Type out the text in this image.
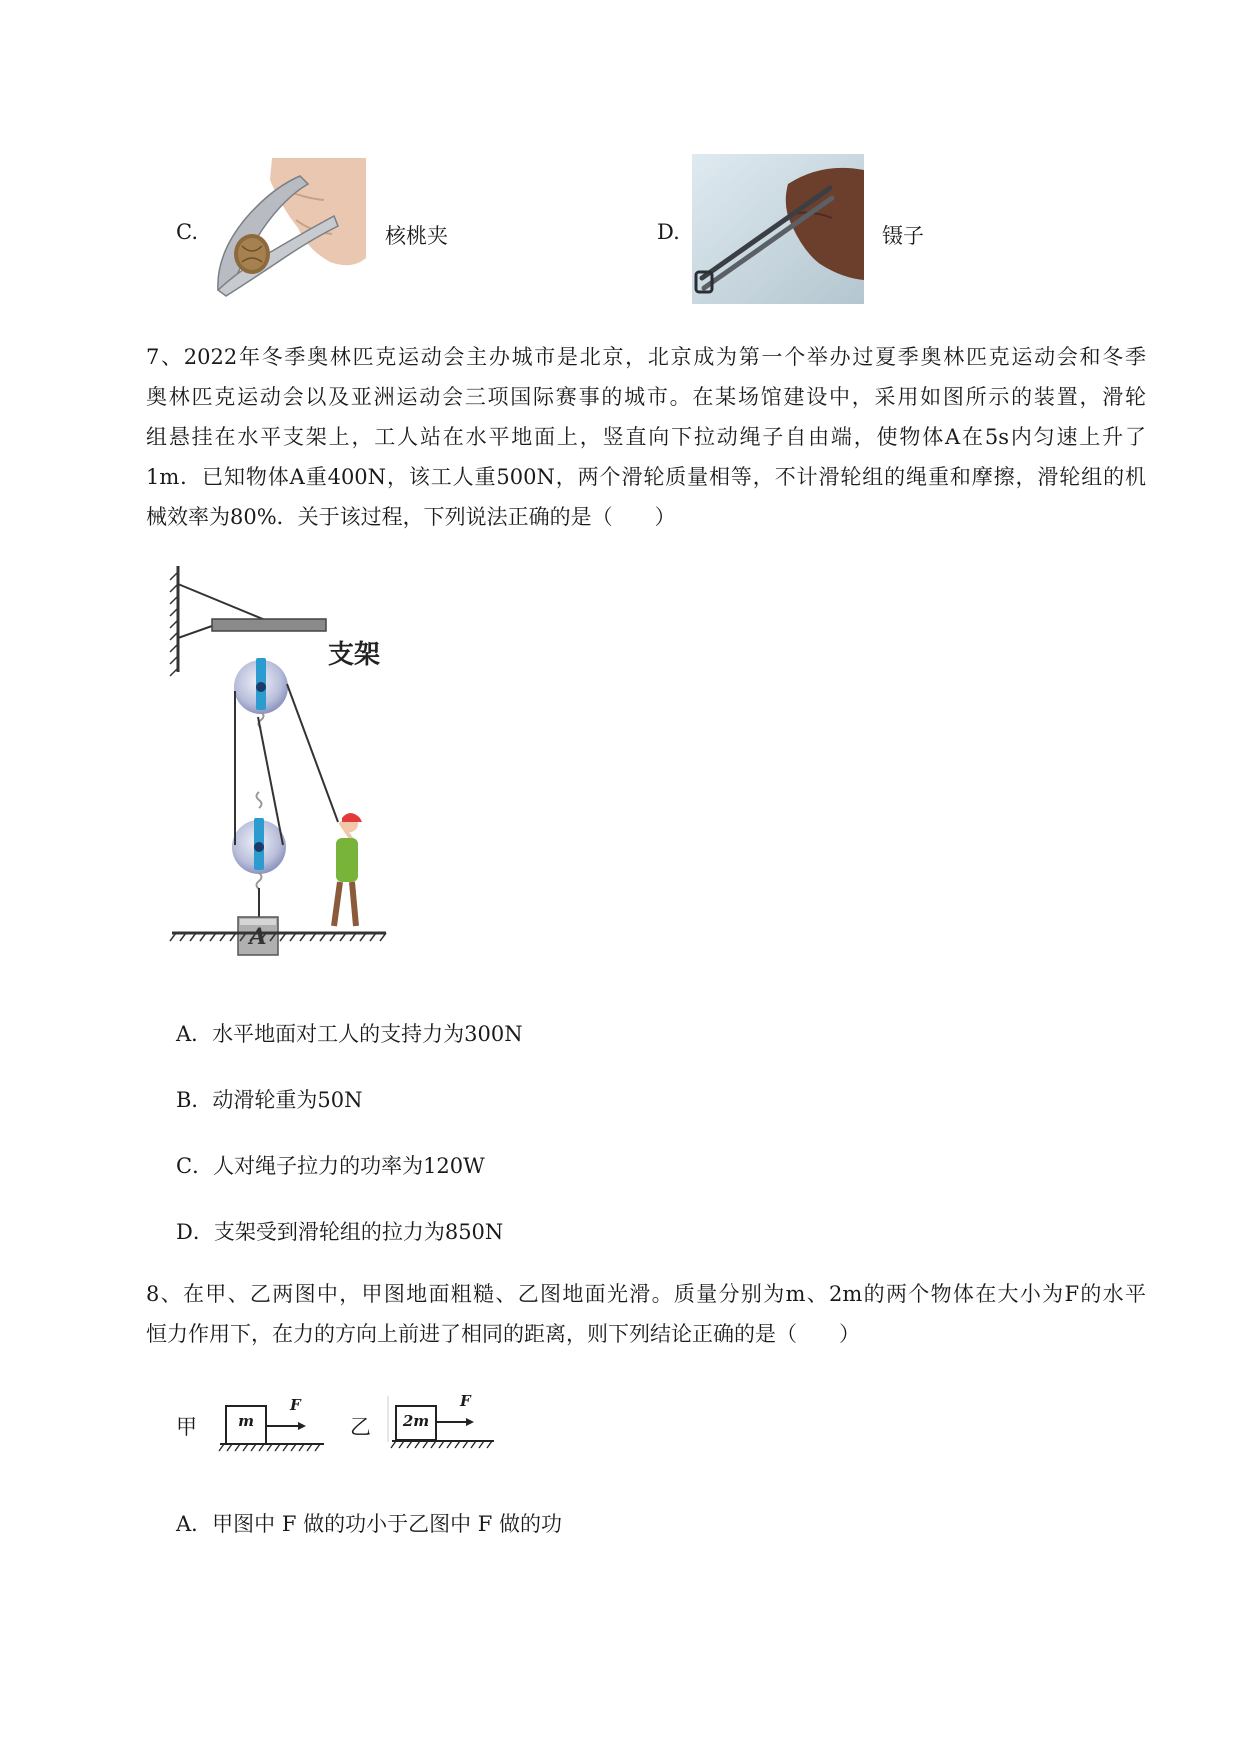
C.	核桃夹	D.	镊子
7、2022年冬季奥林匹克运动会主办城市是北京，北京成为第一个举办过夏季奥林匹克运动会和冬季
奥林匹克运动会以及亚洲运动会三项国际赛事的城市。在某场馆建设中，采用如图所示的装置，滑轮
组悬挂在水平支架上，工人站在水平地面上，竖直向下拉动绳子自由端，使物体A在5s内匀速上升了
1m．已知物体A重400N，该工人重500N，两个滑轮质量相等，不计滑轮组的绳重和摩擦，滑轮组的机
械效率为80%．关于该过程，下列说法正确的是（　　）
支架
A
A．水平地面对工人的支持力为300N
B．动滑轮重为50N
C．人对绳子拉力的功率为120W
D．支架受到滑轮组的拉力为850N
8、在甲、乙两图中，甲图地面粗糙、乙图地面光滑。质量分别为m、2m的两个物体在大小为F的水平
恒力作用下，在力的方向上前进了相同的距离，则下列结论正确的是（　　）
甲	m
F
乙	2m
F
A．甲图中 F 做的功小于乙图中 F 做的功
